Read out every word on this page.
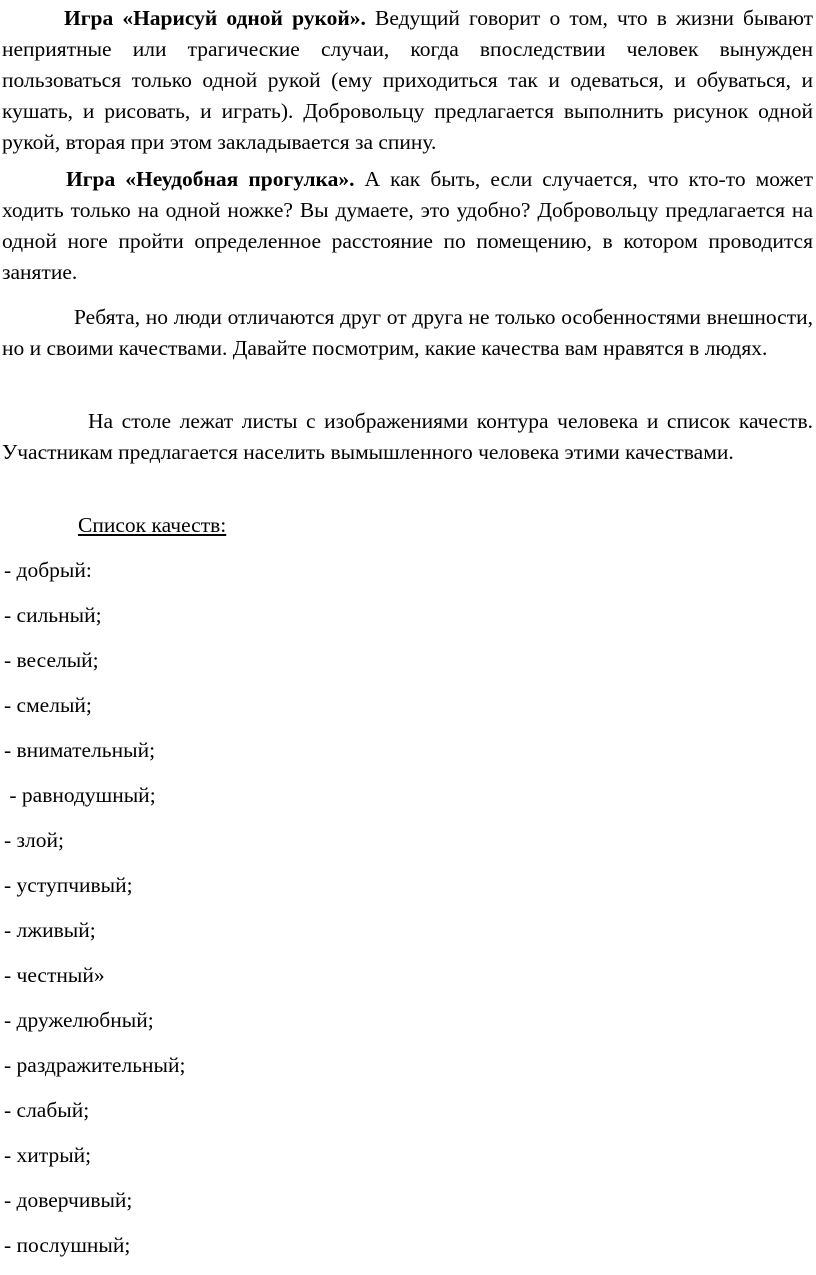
Игра «Нарисуй одной рукой». Ведущий говорит о том, что в жизни бывают неприятные или трагические случаи, когда впоследствии человек вынужден пользоваться только одной рукой (ему приходиться так и одеваться, и обуваться, и кушать, и рисовать, и играть). Добровольцу предлагается выполнить рисунок одной рукой, вторая при этом закладывается за спину.

Игра «Неудобная прогулка». А как быть, если случается, что кто-то может ходить только на одной ножке? Вы думаете, это удобно? Добровольцу предлагается на одной ноге пройти определенное расстояние по помещению, в котором проводится занятие.

Ребята, но люди отличаются друг от друга не только особенностями внешности, но и своими качествами. Давайте посмотрим, какие качества вам нравятся в людях.

На столе лежат листы с изображениями контура человека и список качеств. Участникам предлагается населить вымышленного человека этими качествами.

Список качеств:

- добрый:
- сильный;
- веселый;
- смелый;
- внимательный;
- равнодушный;
- злой;
- уступчивый;
- лживый;
- честный»
- дружелюбный;
- раздражительный;
- слабый;
- хитрый;
- доверчивый;
- послушный;
